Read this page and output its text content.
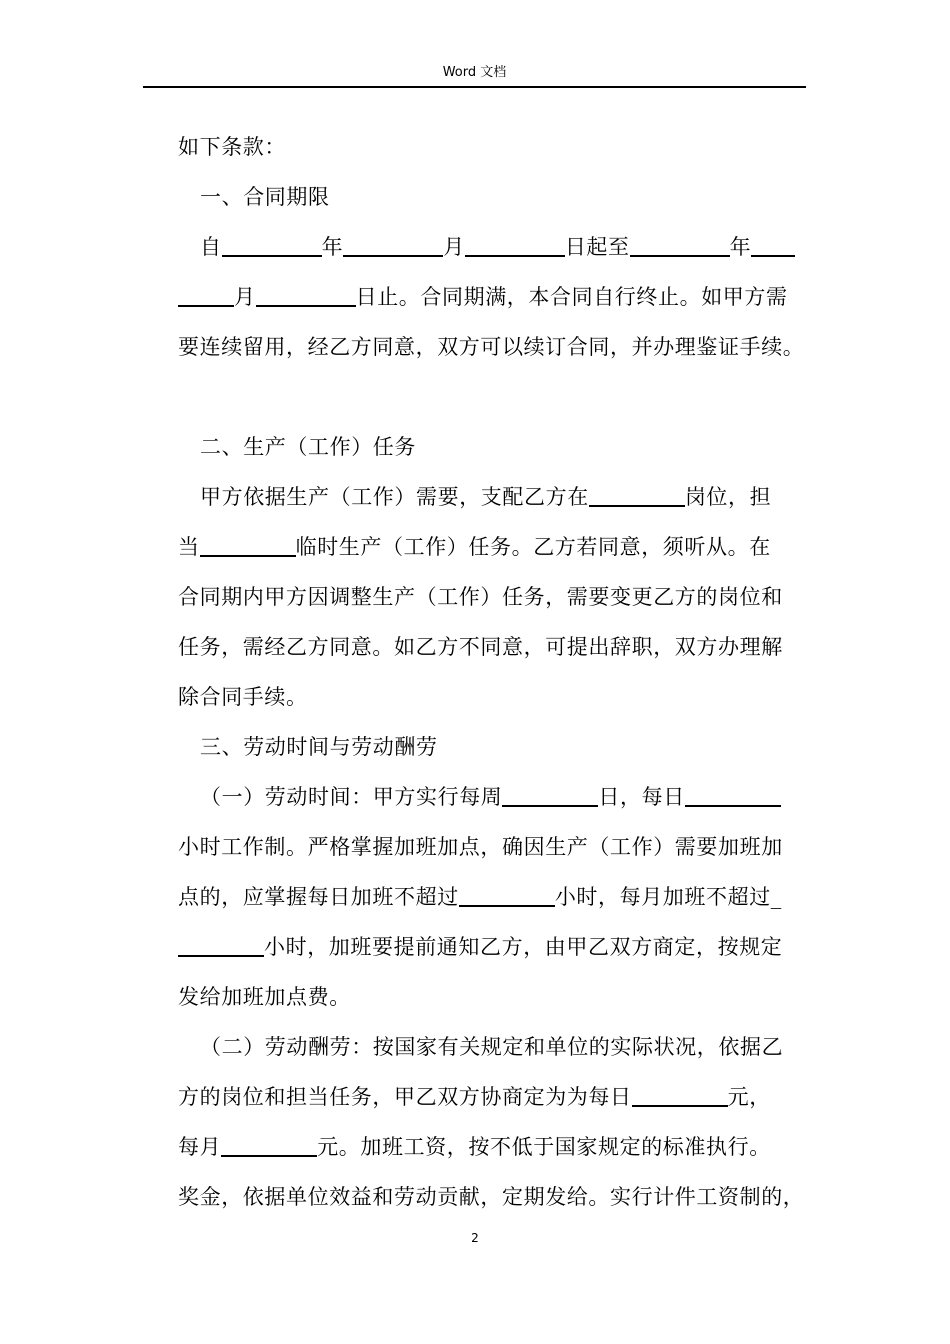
Word 文档
如下条款：
一、合同期限
自	年	月	日起至	年
月	日止。合同期满，本合同自行终止。如甲方需
要连续留用，经乙方同意，双方可以续订合同，并办理鉴证手续。
二、生产（工作）任务
甲方依据生产（工作）需要，支配乙方在	岗位，担
当	临时生产（工作）任务。乙方若同意，须听从。在
合同期内甲方因调整生产（工作）任务，需要变更乙方的岗位和
任务，需经乙方同意。如乙方不同意，可提出辞职，双方办理解
除合同手续。
三、劳动时间与劳动酬劳
（一）劳动时间：甲方实行每周	日，每日
小时工作制。严格掌握加班加点，确因生产（工作）需要加班加
点的，应掌握每日加班不超过	小时，每月加班不超过_
小时，加班要提前通知乙方，由甲乙双方商定，按规定
发给加班加点费。
（二）劳动酬劳：按国家有关规定和单位的实际状况，依据乙
方的岗位和担当任务，甲乙双方协商定为为每日	元，
每月	元。加班工资，按不低于国家规定的标准执行。
奖金，依据单位效益和劳动贡献，定期发给。实行计件工资制的，
2
